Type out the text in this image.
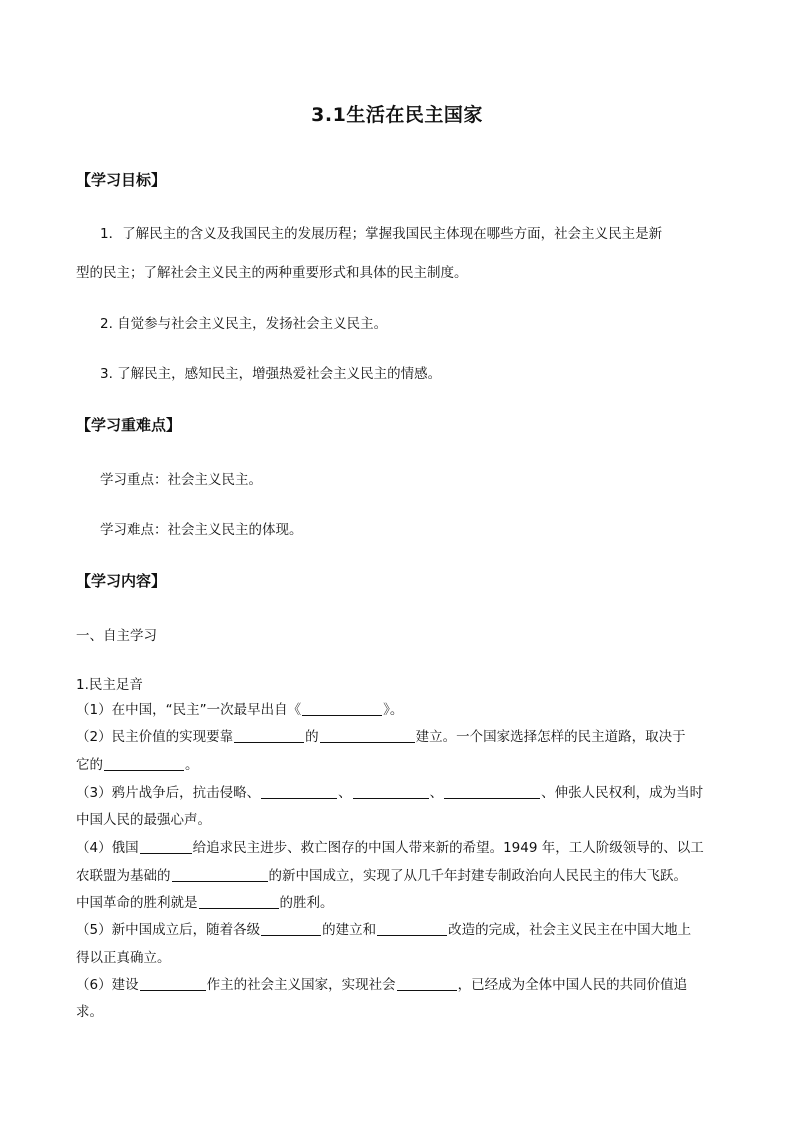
3.1生活在民主国家
【学习目标】
1．了解民主的含义及我国民主的发展历程；掌握我国民主体现在哪些方面，社会主义民主是新
型的民主；了解社会主义民主的两种重要形式和具体的民主制度。
2. 自觉参与社会主义民主，发扬社会主义民主。
3. 了解民主，感知民主，增强热爱社会主义民主的情感。
【学习重难点】
学习重点：社会主义民主。
学习难点：社会主义民主的体现。
【学习内容】
一、自主学习
1.民主足音
（1）在中国，“民主”一次最早出自《	》。
（2）民主价值的实现要靠	的	建立。一个国家选择怎样的民主道路，取决于
它的	。
（3）鸦片战争后，抗击侵略、	、	、	、伸张人民权利，成为当时
中国人民的最强心声。
（4）俄国	给追求民主进步、救亡图存的中国人带来新的希望。1949 年，工人阶级领导的、以工
农联盟为基础的	的新中国成立，实现了从几千年封建专制政治向人民民主的伟大飞跃。
中国革命的胜利就是	的胜利。
（5）新中国成立后，随着各级	的建立和	改造的完成，社会主义民主在中国大地上
得以正真确立。
（6）建设	作主的社会主义国家，实现社会	，已经成为全体中国人民的共同价值追
求。
